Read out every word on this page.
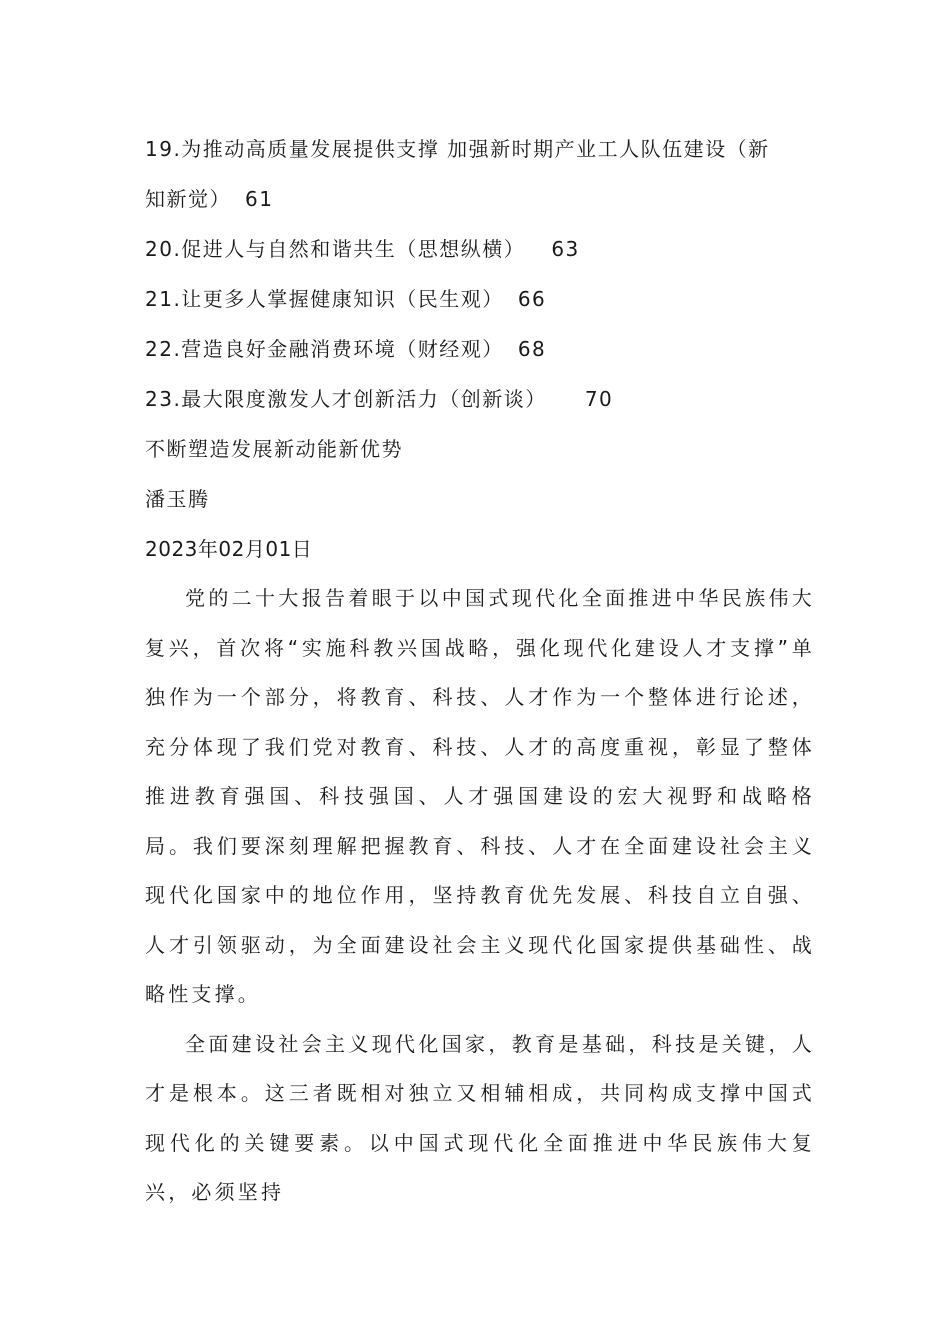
19.为推动高质量发展提供支撑 加强新时期产业工人队伍建设（新
知新觉） 61
20.促进人与自然和谐共生（思想纵横） 63
21.让更多人掌握健康知识（民生观） 66
22.营造良好金融消费环境（财经观） 68
23.最大限度激发人才创新活力（创新谈） 70
不断塑造发展新动能新优势
潘玉腾
2023年02月01日

党的二十大报告着眼于以中国式现代化全面推进中华民族伟大复兴，首次将“实施科教兴国战略，强化现代化建设人才支撑”单独作为一个部分，将教育、科技、人才作为一个整体进行论述，充分体现了我们党对教育、科技、人才的高度重视，彰显了整体推进教育强国、科技强国、人才强国建设的宏大视野和战略格局。我们要深刻理解把握教育、科技、人才在全面建设社会主义现代化国家中的地位作用，坚持教育优先发展、科技自立自强、人才引领驱动，为全面建设社会主义现代化国家提供基础性、战略性支撑。

全面建设社会主义现代化国家，教育是基础，科技是关键，人才是根本。这三者既相对独立又相辅相成，共同构成支撑中国式现代化的关键要素。以中国式现代化全面推进中华民族伟大复兴，必须坚持
